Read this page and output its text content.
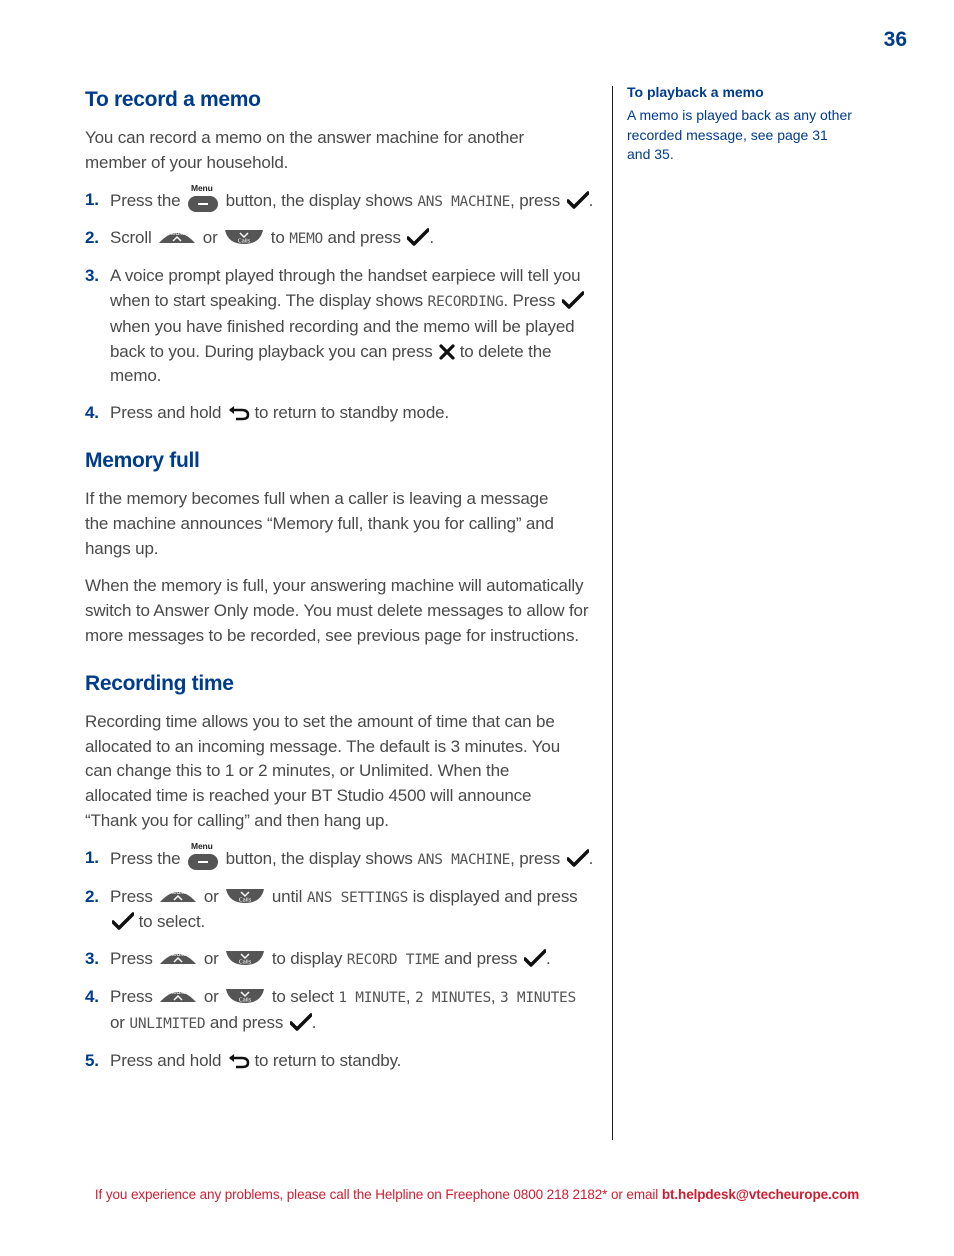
36
To record a memo

You can record a memo on the answer machine for another member of your household.

1. Press the
Menu
button, the display shows ANS MACHINE, press .
2. Scroll	Redial or	Calls to MEMO and press .
3. A voice prompt played through the handset earpiece will tell you when to start speaking. The display shows RECORDING. Press  when you have finished recording and the memo will be played back to you. During playback you can press to delete the memo.
4. Press and hold to return to standby mode.
Memory full

If the memory becomes full when a caller is leaving a message the machine announces “Memory full, thank you for calling” and hangs up.

When the memory is full, your answering machine will automatically switch to Answer Only mode. You must delete messages to allow for more messages to be recorded, see previous page for instructions.

Recording time

Recording time allows you to set the amount of time that can be allocated to an incoming message. The default is 3 minutes. You can change this to 1 or 2 minutes, or Unlimited. When the allocated time is reached your BT Studio 4500 will announce “Thank you for calling” and then hang up.

1. Press the
Menu
button, the display shows ANS MACHINE, press .
2. Press	Redial or	Calls until ANS SETTINGS is displayed and press  to select.
3. Press	Redial or	Calls to display RECORD TIME and press .
4. Press	Redial or	Calls to select 1 MINUTE, 2 MINUTES, 3 MINUTES or UNLIMITED and press .
5. Press and hold to return to standby.
To playback a memo

A memo is played back as any other recorded message, see page 31 and 35.

If you experience any problems, please call the Helpline on Freephone 0800 218 2182* or email bt.helpdesk@vtecheurope.com
